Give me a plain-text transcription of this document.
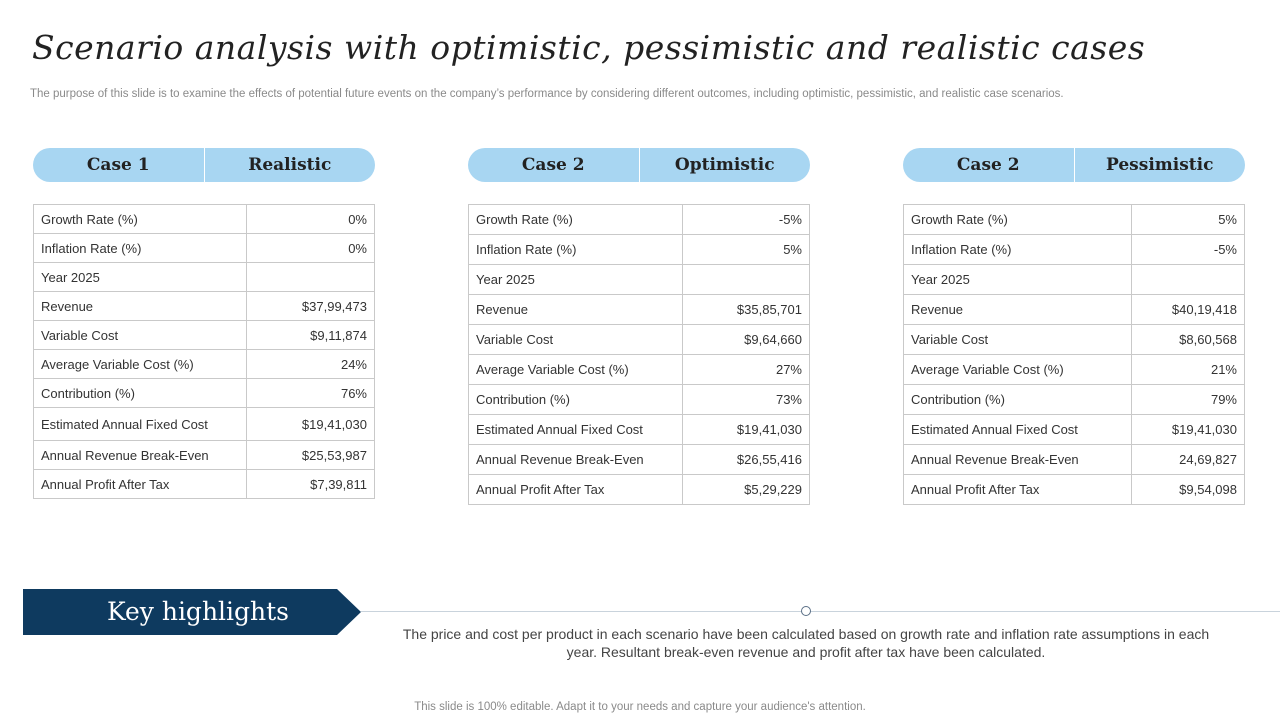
Scenario analysis with optimistic, pessimistic and realistic cases
The purpose of this slide is to examine the effects of potential future events on the company’s performance by considering different outcomes, including optimistic, pessimistic, and realistic case scenarios.
Case 1	Realistic
Growth Rate (%)	0%
Inflation Rate (%)	0%
Year 2025	
Revenue	$37,99,473
Variable Cost	$9,11,874
Average Variable Cost (%)	24%
Contribution (%)	76%
Estimated Annual Fixed Cost	$19,41,030
Annual Revenue Break-Even	$25,53,987
Annual Profit After Tax	$7,39,811
Case 2	Optimistic
Growth Rate (%)	-5%
Inflation Rate (%)	5%
Year 2025	
Revenue	$35,85,701
Variable Cost	$9,64,660
Average Variable Cost (%)	27%
Contribution (%)	73%
Estimated Annual Fixed Cost	$19,41,030
Annual Revenue Break-Even	$26,55,416
Annual Profit After Tax	$5,29,229
Case 2	Pessimistic
Growth Rate (%)	5%
Inflation Rate (%)	-5%
Year 2025	
Revenue	$40,19,418
Variable Cost	$8,60,568
Average Variable Cost (%)	21%
Contribution (%)	79%
Estimated Annual Fixed Cost	$19,41,030
Annual Revenue Break-Even	24,69,827
Annual Profit After Tax	$9,54,098
Key highlights
The price and cost per product in each scenario have been calculated based on growth rate and inflation rate assumptions in each year. Resultant break-even revenue and profit after tax have been calculated.
This slide is 100% editable. Adapt it to your needs and capture your audience's attention.
